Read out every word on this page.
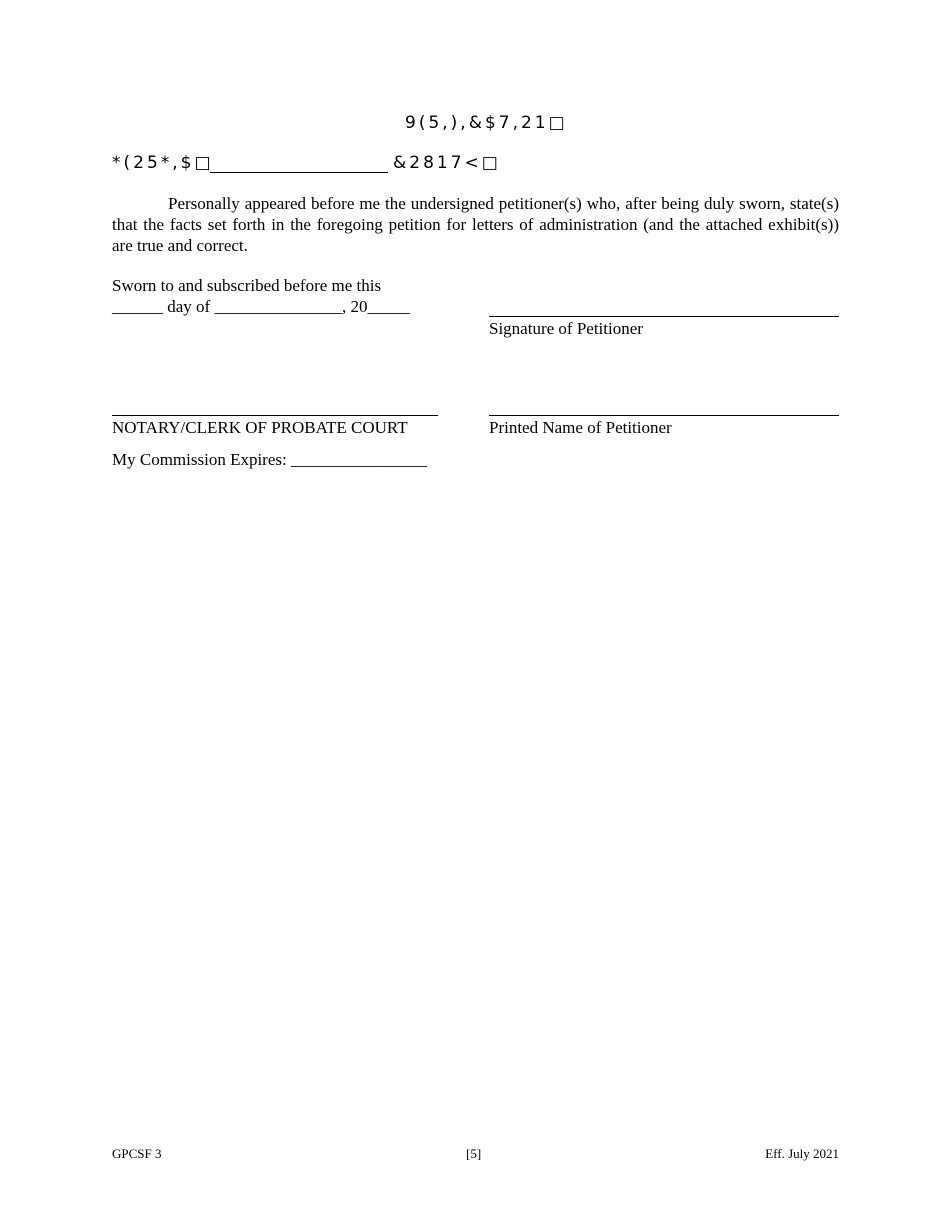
9(5,),&$7,21□
*(25*,$□	&2817<□
Personally appeared before me the undersigned petitioner(s) who, after being duly sworn, state(s) that the facts set forth in the foregoing petition for letters of administration (and the attached exhibit(s)) are true and correct.
Sworn to and subscribed before me this
______ day of _______________, 20_____
Signature of Petitioner
NOTARY/CLERK OF PROBATE COURT	Printed Name of Petitioner
My Commission Expires: ________________
GPCSF 3	[5]	Eff. July 2021
